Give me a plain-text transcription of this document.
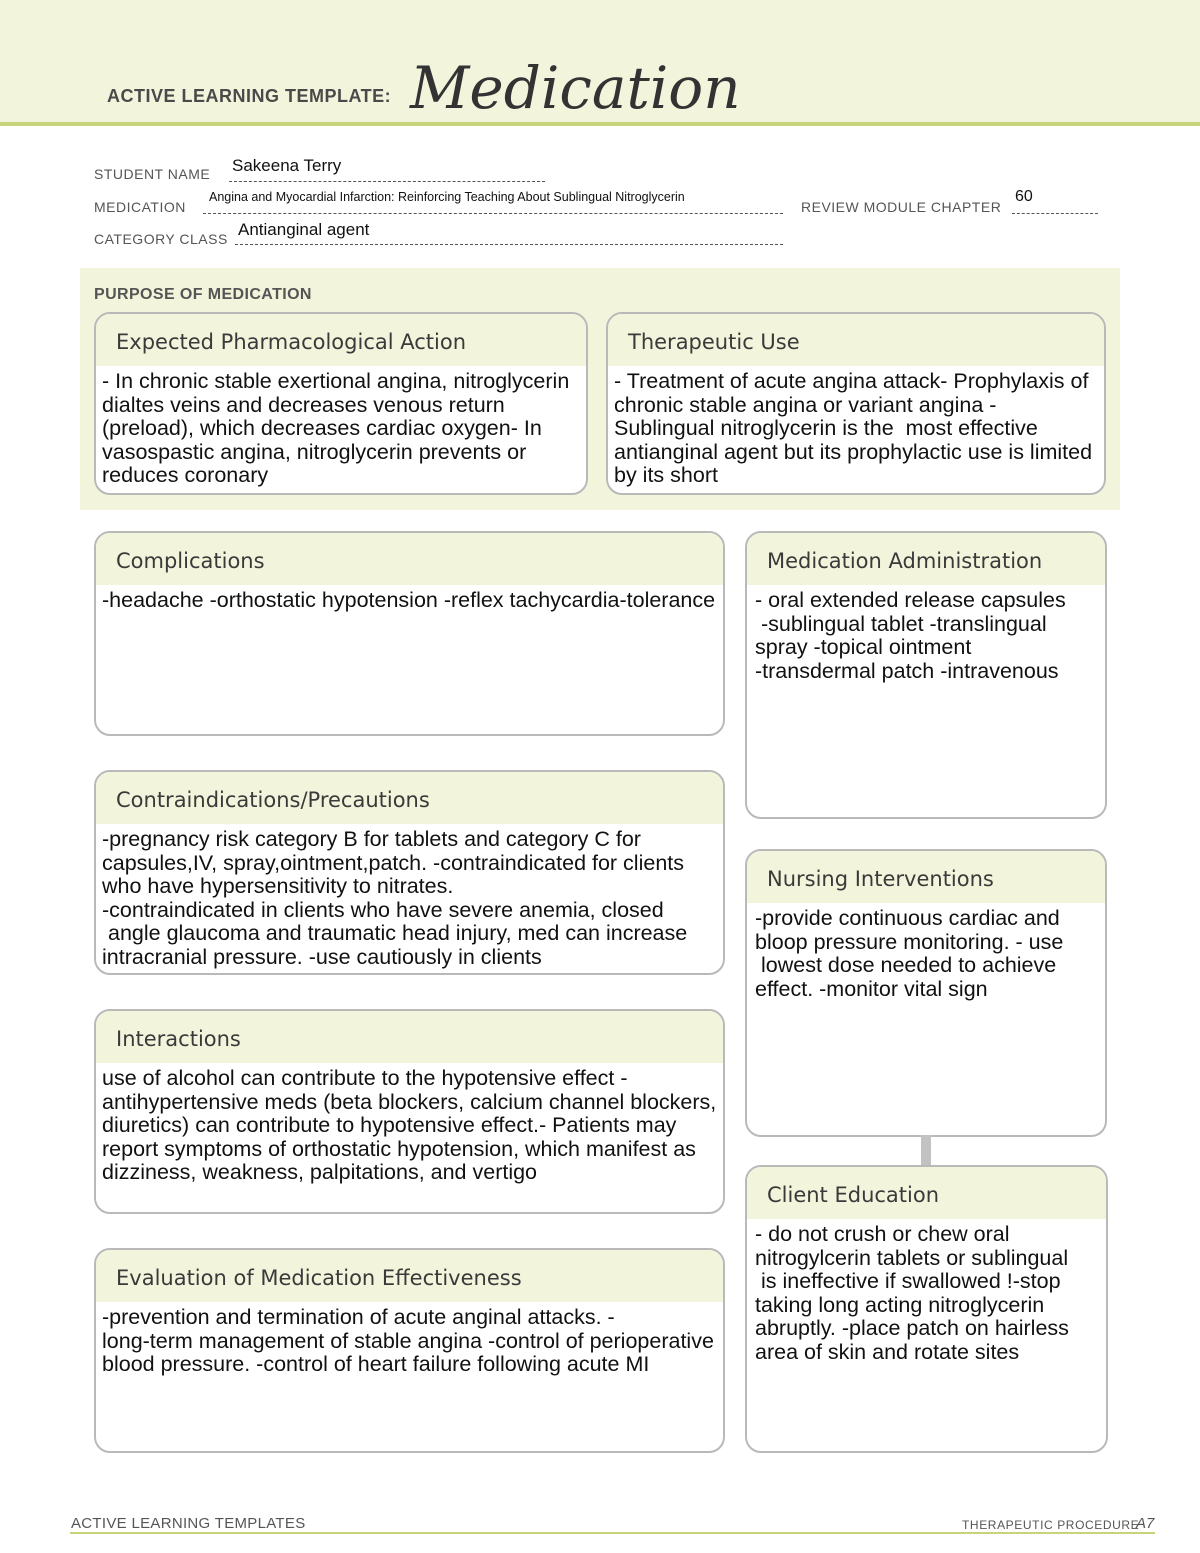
ACTIVE LEARNING TEMPLATE: Medication
STUDENT NAME Sakeena Terry
MEDICATION
Angina and Myocardial Infarction: Reinforcing Teaching About Sublingual Nitroglycerin
REVIEW MODULE CHAPTER
60
CATEGORY CLASS Antianginal agent
PURPOSE OF MEDICATION
Expected Pharmacological Action
- In chronic stable exertional angina, nitroglycerin dialtes veins and decreases venous return (preload), which decreases cardiac oxygen- In vasospastic angina, nitroglycerin prevents or reduces coronary
Therapeutic Use
- Treatment of acute angina attack- Prophylaxis of chronic stable angina or variant angina - Sublingual nitroglycerin is the  most effective antianginal agent but its prophylactic use is limited by its short
Complications
-headache -orthostatic hypotension -reflex tachycardia-tolerance
Contraindications/Precautions
-pregnancy risk category B for tablets and category C for capsules,IV, spray,ointment,patch. -contraindicated for clients who have hypersensitivity to nitrates.
-contraindicated in clients who have severe anemia, closed
angle glaucoma and traumatic head injury, med can increase intracranial pressure. -use cautiously in clients
Interactions
use of alcohol can contribute to the hypotensive effect -antihypertensive meds (beta blockers, calcium channel blockers, diuretics) can contribute to hypotensive effect.- Patients may report symptoms of orthostatic hypotension, which manifest as dizziness, weakness, palpitations, and vertigo
Evaluation of Medication Effectiveness
-prevention and termination of acute anginal attacks. -
long-term management of stable angina -control of perioperative blood pressure. -control of heart failure following acute MI
Medication Administration
- oral extended release capsules
-sublingual tablet -translingual spray -topical ointment
-transdermal patch -intravenous
Nursing Interventions
-provide continuous cardiac and bloop pressure monitoring. - use
lowest dose needed to achieve effect. -monitor vital sign
Client Education
- do not crush or chew oral nitrogylcerin tablets or sublingual
is ineffective if swallowed !-stop taking long acting nitroglycerin abruptly. -place patch on hairless area of skin and rotate sites
ACTIVE LEARNING TEMPLATES	THERAPEUTIC PROCEDURE
A7
